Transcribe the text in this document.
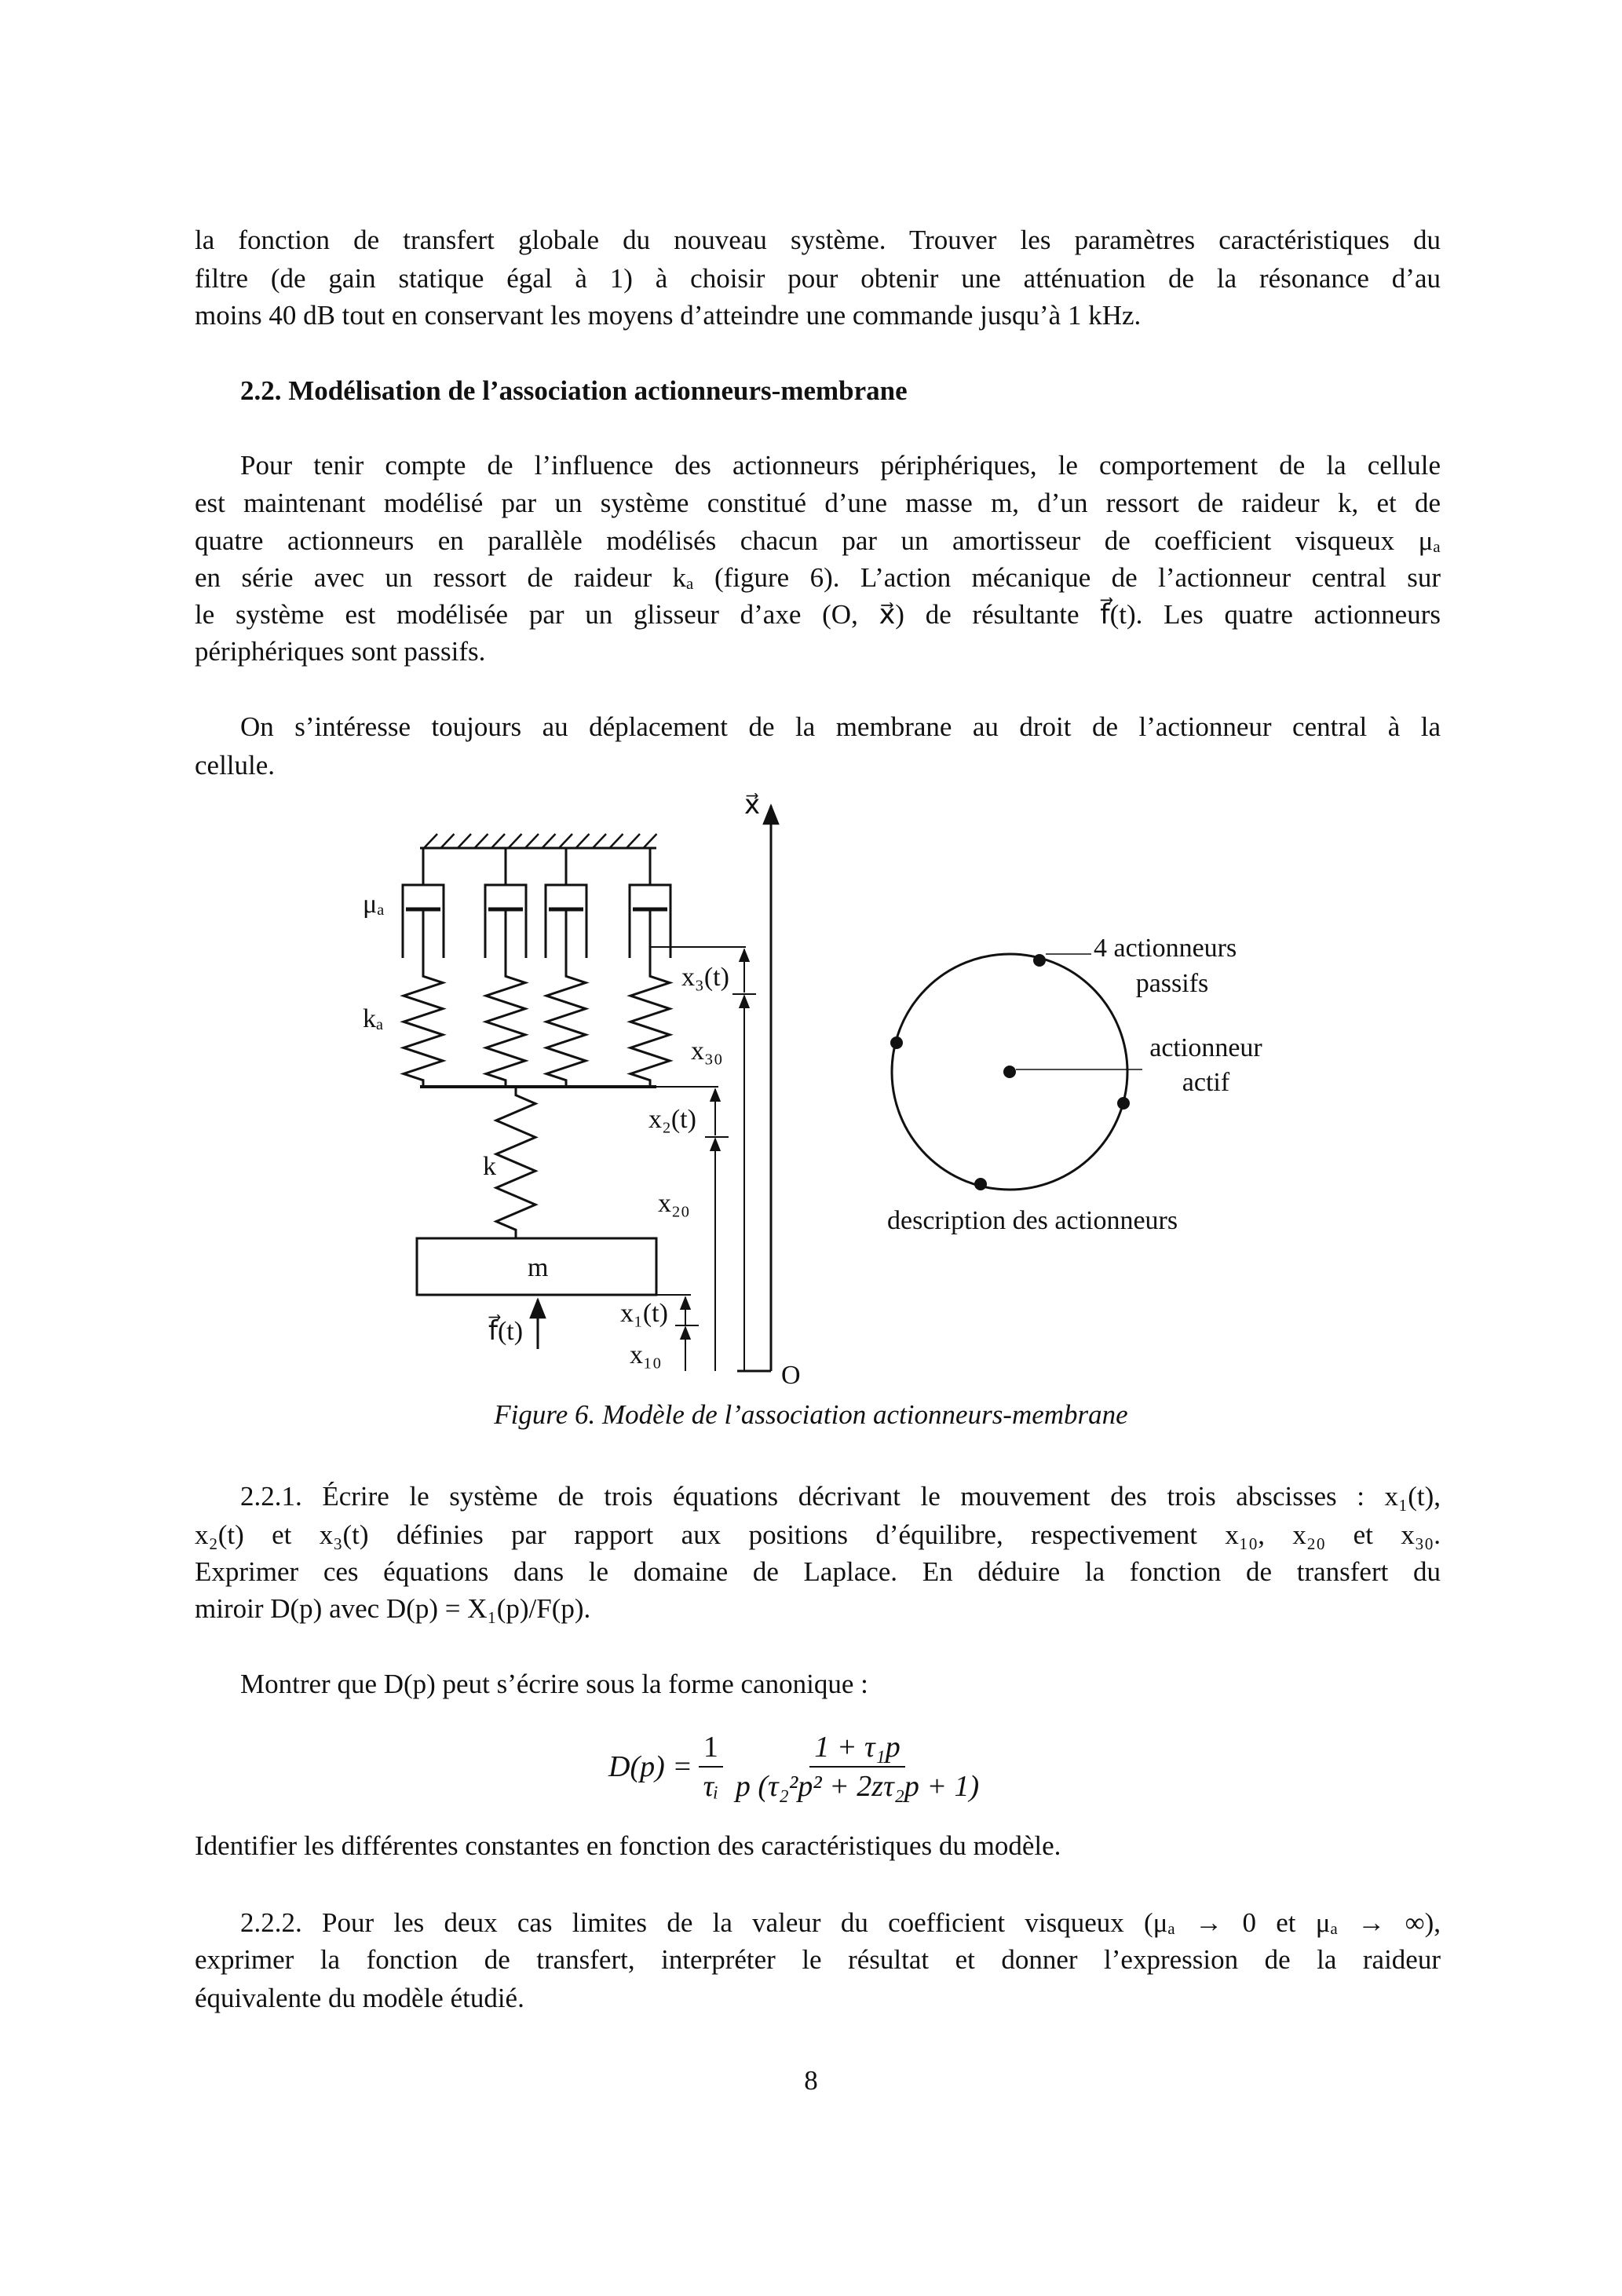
la fonction de transfert globale du nouveau système. Trouver les paramètres caractéristiques du
filtre (de gain statique égal à 1) à choisir pour obtenir une atténuation de la résonance d’au
moins 40 dB tout en conservant les moyens d’atteindre une commande jusqu’à 1 kHz.
2.2. Modélisation de l’association actionneurs-membrane
Pour tenir compte de l’influence des actionneurs périphériques, le comportement de la cellule
est maintenant modélisé par un système constitué d’une masse m, d’un ressort de raideur k, et de
quatre actionneurs en parallèle modélisés chacun par un amortisseur de coefficient visqueux μₐ
en série avec un ressort de raideur kₐ (figure 6). L’action mécanique de l’actionneur central sur
le système est modélisée par un glisseur d’axe (O, x⃗) de résultante f⃗(t). Les quatre actionneurs
périphériques sont passifs.
On s’intéresse toujours au déplacement de la membrane au droit de l’actionneur central à la
cellule.
2.2.1. Écrire le système de trois équations décrivant le mouvement des trois abscisses : x₁(t),
x₂(t) et x₃(t) définies par rapport aux positions d’équilibre, respectivement x₁₀, x₂₀ et x₃₀.
Exprimer ces équations dans le domaine de Laplace. En déduire la fonction de transfert du
miroir D(p) avec D(p) = X₁(p)/F(p).
Montrer que D(p) peut s’écrire sous la forme canonique :
Identifier les différentes constantes en fonction des caractéristiques du modèle.
2.2.2. Pour les deux cas limites de la valeur du coefficient visqueux (μₐ → 0 et μₐ → ∞),
exprimer la fonction de transfert, interpréter le résultat et donner l’expression de la raideur
équivalente du modèle étudié.
$D(p) = \frac{1}{\text{τᵢ}} \frac{\text{1 + τ₁p}}{\text{p (τ₂²p² + 2zτ₂p + 1)}}$
μₐ
kₐ
k
m
f⃗(t)
x⃗
O
x₃(t)
x₃₀
x₂(t)
x₂₀
x₁(t)
x₁₀
4 actionneurs
passifs
actionneur
actif
description des actionneurs
Figure 6. Modèle de l’association actionneurs-membrane
8
